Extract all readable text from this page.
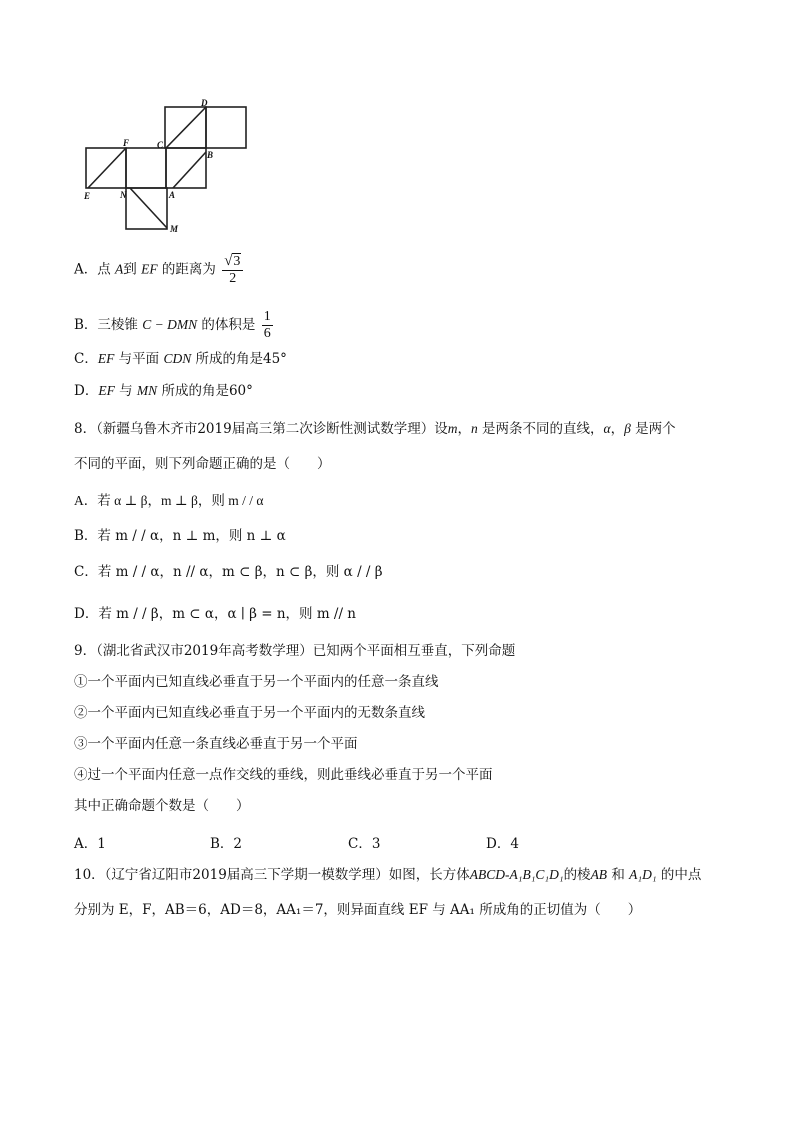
D
C
B
F
E	N	A
M
A．点 A到 EF 的距离为 $\frac{√3}{2}$
B．三棱锥 C − DMN 的体积是 $\frac{1}{6}$
C．EF 与平面 CDN 所成的角是45°
D．EF 与 MN 所成的角是60°
8．（新疆乌鲁木齐市2019届高三第二次诊断性测试数学理）设m，n 是两条不同的直线，α，β 是两个
不同的平面，则下列命题正确的是（　　）
A．若 α ⊥ β，m ⊥ β，则 m / / α
B．若 m / / α，n ⊥ m，则 n ⊥ α
C．若 m / / α，n // α，m ⊂ β，n ⊂ β，则 α / / β
D．若 m / / β，m ⊂ α，α ∣ β = n，则 m // n
9．（湖北省武汉市2019年高考数学理）已知两个平面相互垂直，下列命题
①一个平面内已知直线必垂直于另一个平面内的任意一条直线
②一个平面内已知直线必垂直于另一个平面内的无数条直线
③一个平面内任意一条直线必垂直于另一个平面
④过一个平面内任意一点作交线的垂线，则此垂线必垂直于另一个平面
其中正确命题个数是（　　）
A．1	B．2	C．3	D．4
10．（辽宁省辽阳市2019届高三下学期一模数学理）如图，长方体ABCD-A₁B₁C₁D₁的棱AB 和 A₁D₁ 的中点
分别为 E，F，AB＝6，AD＝8，AA₁＝7，则异面直线 EF 与 AA₁ 所成角的正切值为（　　）
